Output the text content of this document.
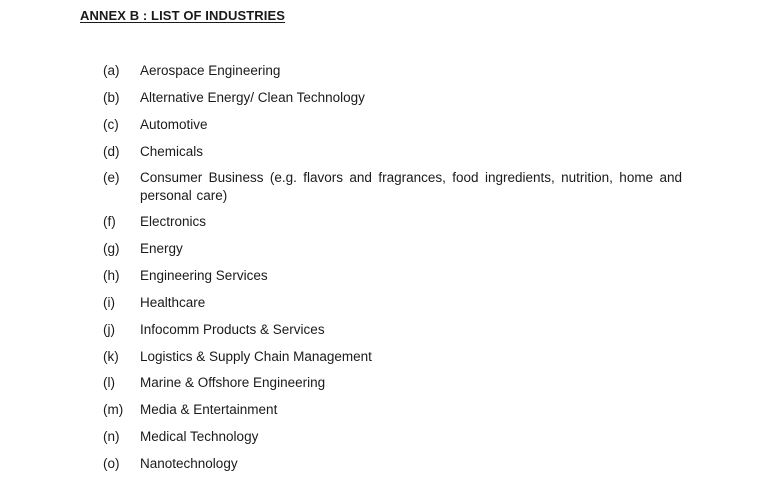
ANNEX B : LIST OF INDUSTRIES
(a)	Aerospace Engineering
(b)	Alternative Energy/ Clean Technology
(c)	Automotive
(d)	Chemicals
(e)	Consumer Business (e.g. flavors and fragrances, food ingredients, nutrition, home and personal care)
(f)	Electronics
(g)	Energy
(h)	Engineering Services
(i)	Healthcare
(j)	Infocomm Products & Services
(k)	Logistics & Supply Chain Management
(l)	Marine & Offshore Engineering
(m)	Media & Entertainment
(n)	Medical Technology
(o)	Nanotechnology
